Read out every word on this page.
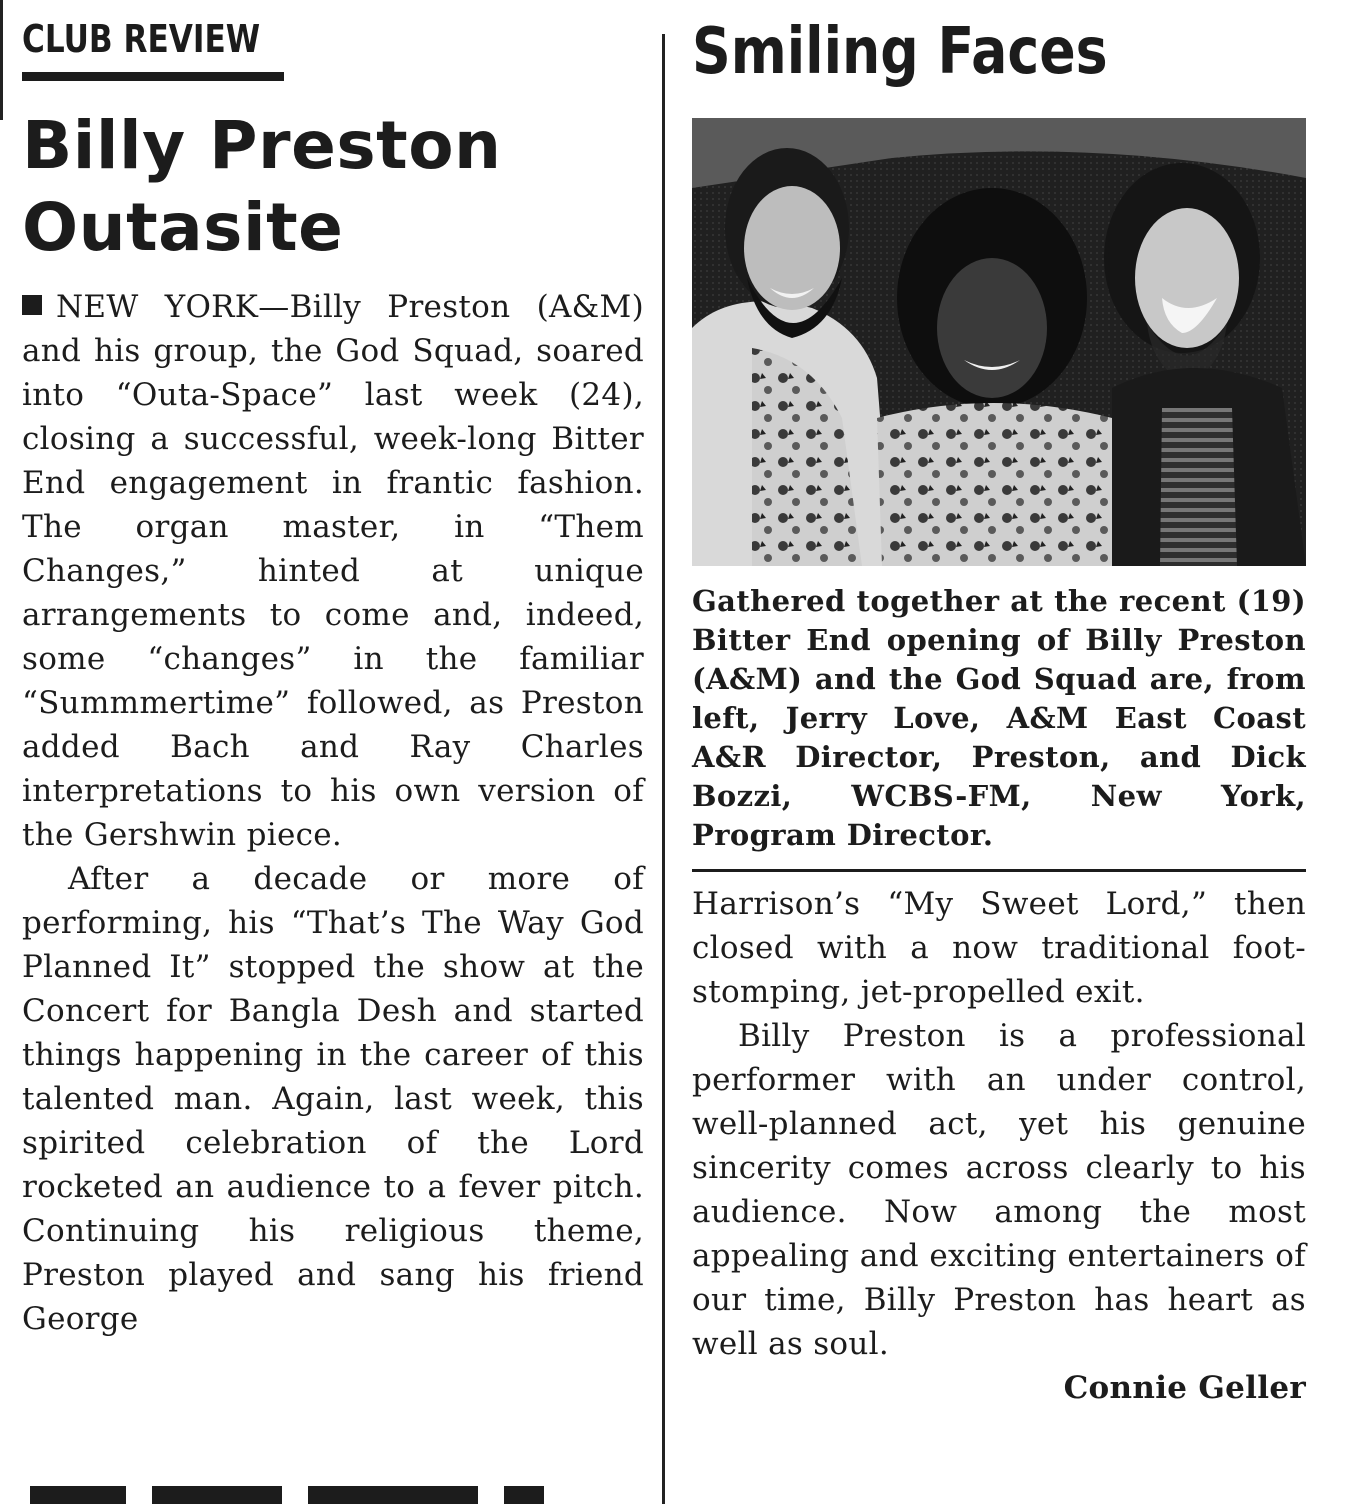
CLUB REVIEW
Billy Preston
Outasite

NEW YORK—Billy Preston (A&M) and his group, the God Squad, soared into “Outa-Space” last week (24), closing a successful, week-long Bitter End engagement in frantic fashion. The organ master, in “Them Changes,” hinted at unique arrangements to come and, indeed, some “changes” in the familiar “Summmertime” followed, as Preston added Bach and Ray Charles interpretations to his own version of the Gershwin piece.

After a decade or more of performing, his “That’s The Way God Planned It” stopped the show at the Concert for Bangla Desh and started things happening in the career of this talented man. Again, last week, this spirited celebration of the Lord rocketed an audience to a fever pitch. Continuing his religious theme, Preston played and sang his friend George

Smiling Faces
Gathered together at the recent (19) Bitter End opening of Billy Preston (A&M) and the God Squad are, from left, Jerry Love, A&M East Coast A&R Director, Preston, and Dick Bozzi, WCBS-FM, New York, Program Director.

Harrison’s “My Sweet Lord,” then closed with a now traditional foot-stomping, jet-propelled exit.

Billy Preston is a professional performer with an under control, well-planned act, yet his genuine sincerity comes across clearly to his audience. Now among the most appealing and exciting entertainers of our time, Billy Preston has heart as well as soul.

Connie Geller
